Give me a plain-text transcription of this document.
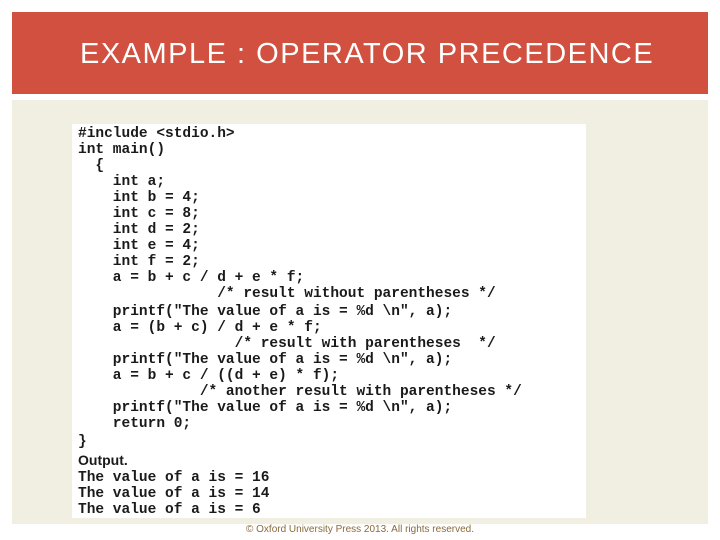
EXAMPLE : OPERATOR PRECEDENCE
#include <stdio.h>
int main()
{
int a;
int b = 4;
int c = 8;
int d = 2;
int e = 4;
int f = 2;
a = b + c / d + e * f;
/* result without parentheses */
printf("The value of a is = %d \n", a);
a = (b + c) / d + e * f;
/* result with parentheses  */
printf("The value of a is = %d \n", a);
a = b + c / ((d + e) * f);
/* another result with parentheses */
printf("The value of a is = %d \n", a);
return 0;
}
Output.
The value of a is = 16
The value of a is = 14
The value of a is = 6
© Oxford University Press 2013. All rights reserved.
